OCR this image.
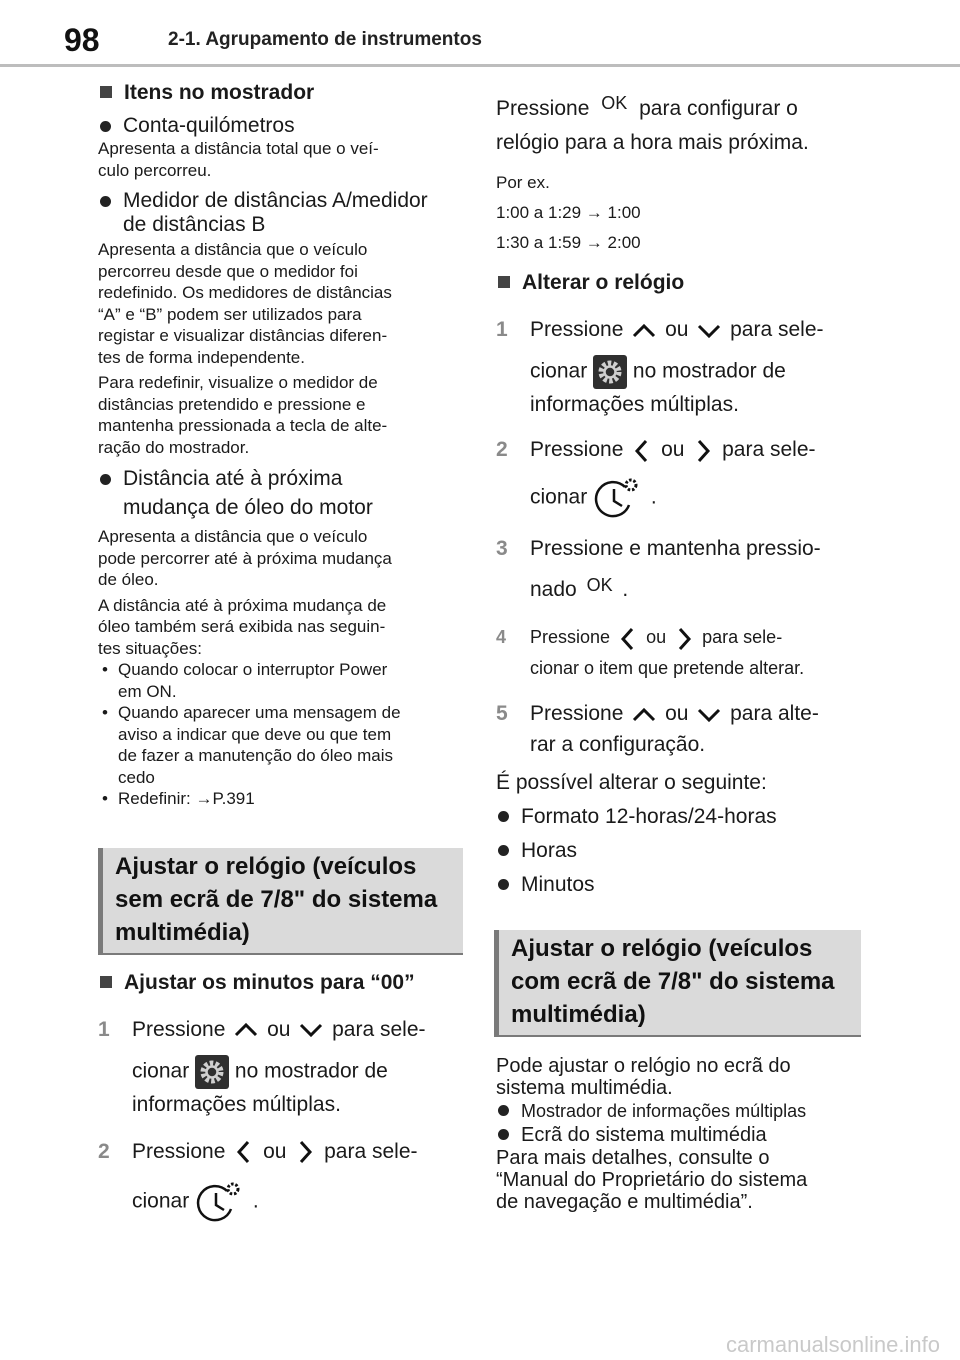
98	2-1. Agrupamento de instrumentos
Itens no mostrador
Conta-quilómetros
Apresenta a distância total que o veí-
culo percorreu.
Medidor de distâncias A/medidor
de distâncias B
Apresenta a distância que o veículo
percorreu desde que o medidor foi
redefinido. Os medidores de distâncias
“A” e “B” podem ser utilizados para
registar e visualizar distâncias diferen-
tes de forma independente.
Para redefinir, visualize o medidor de
distâncias pretendido e pressione e
mantenha pressionada a tecla de alte-
ração do mostrador.
Distância até à próxima
mudança de óleo do motor
Apresenta a distância que o veículo
pode percorrer até à próxima mudança
de óleo.
A distância até à próxima mudança de
óleo também será exibida nas seguin-
tes situações:
• Quando colocar o interruptor Power
em ON.
• Quando aparecer uma mensagem de
aviso a indicar que deve ou que tem
de fazer a manutenção do óleo mais
cedo
• Redefinir: →P.391
Ajustar o relógio (veículos
sem ecrã de 7/8" do sistema
multimédia)
Ajustar os minutos para “00”
1 Pressione ou para sele-
cionar no mostrador de
informações múltiplas.
2 Pressione ou para sele-
cionar	.
Pressione OK para configurar o
relógio para a hora mais próxima.
Por ex.
1:00 a 1:29 → 1:00
1:30 a 1:59 → 2:00
Alterar o relógio
1 Pressione ou para sele-
cionar no mostrador de
informações múltiplas.
2 Pressione ou para sele-
cionar	.
3 Pressione e mantenha pressio-
nado OK .
4 Pressione ou para sele-
cionar o item que pretende alterar.
5 Pressione ou para alte-
rar a configuração.
É possível alterar o seguinte:
Formato 12-horas/24-horas
Horas
Minutos
Ajustar o relógio (veículos
com ecrã de 7/8" do sistema
multimédia)
Pode ajustar o relógio no ecrã do
sistema multimédia.
Mostrador de informações múltiplas
Ecrã do sistema multimédia
Para mais detalhes, consulte o
“Manual do Proprietário do sistema
de navegação e multimédia”.
carmanualsonline.info
